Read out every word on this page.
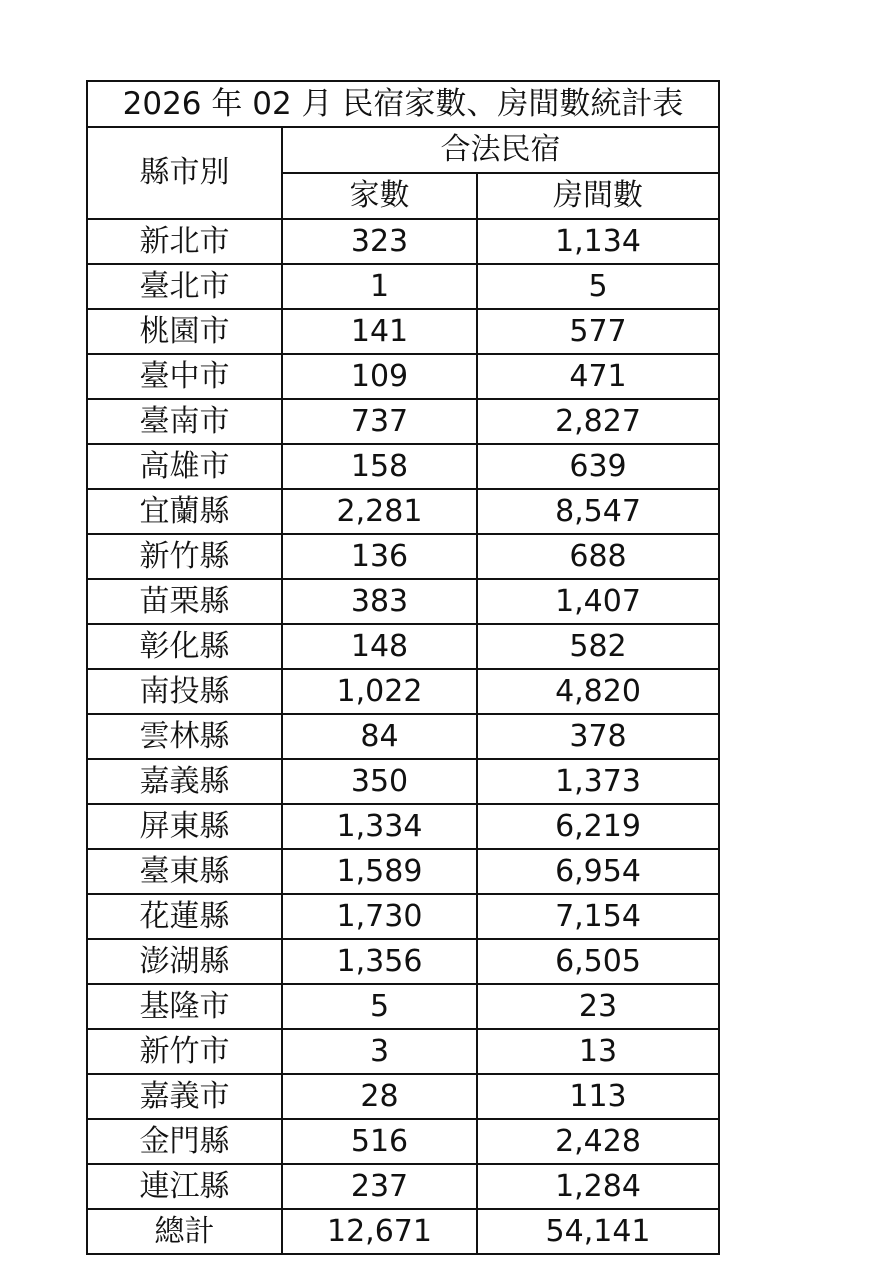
2026 年 02 月 民宿家數、房間數統計表		
縣市別	合法民宿	
	家數	房間數
新北市	323	1,134
臺北市	1	5
桃園市	141	577
臺中市	109	471
臺南市	737	2,827
高雄市	158	639
宜蘭縣	2,281	8,547
新竹縣	136	688
苗栗縣	383	1,407
彰化縣	148	582
南投縣	1,022	4,820
雲林縣	84	378
嘉義縣	350	1,373
屏東縣	1,334	6,219
臺東縣	1,589	6,954
花蓮縣	1,730	7,154
澎湖縣	1,356	6,505
基隆市	5	23
新竹市	3	13
嘉義市	28	113
金門縣	516	2,428
連江縣	237	1,284
總計	12,671	54,141
